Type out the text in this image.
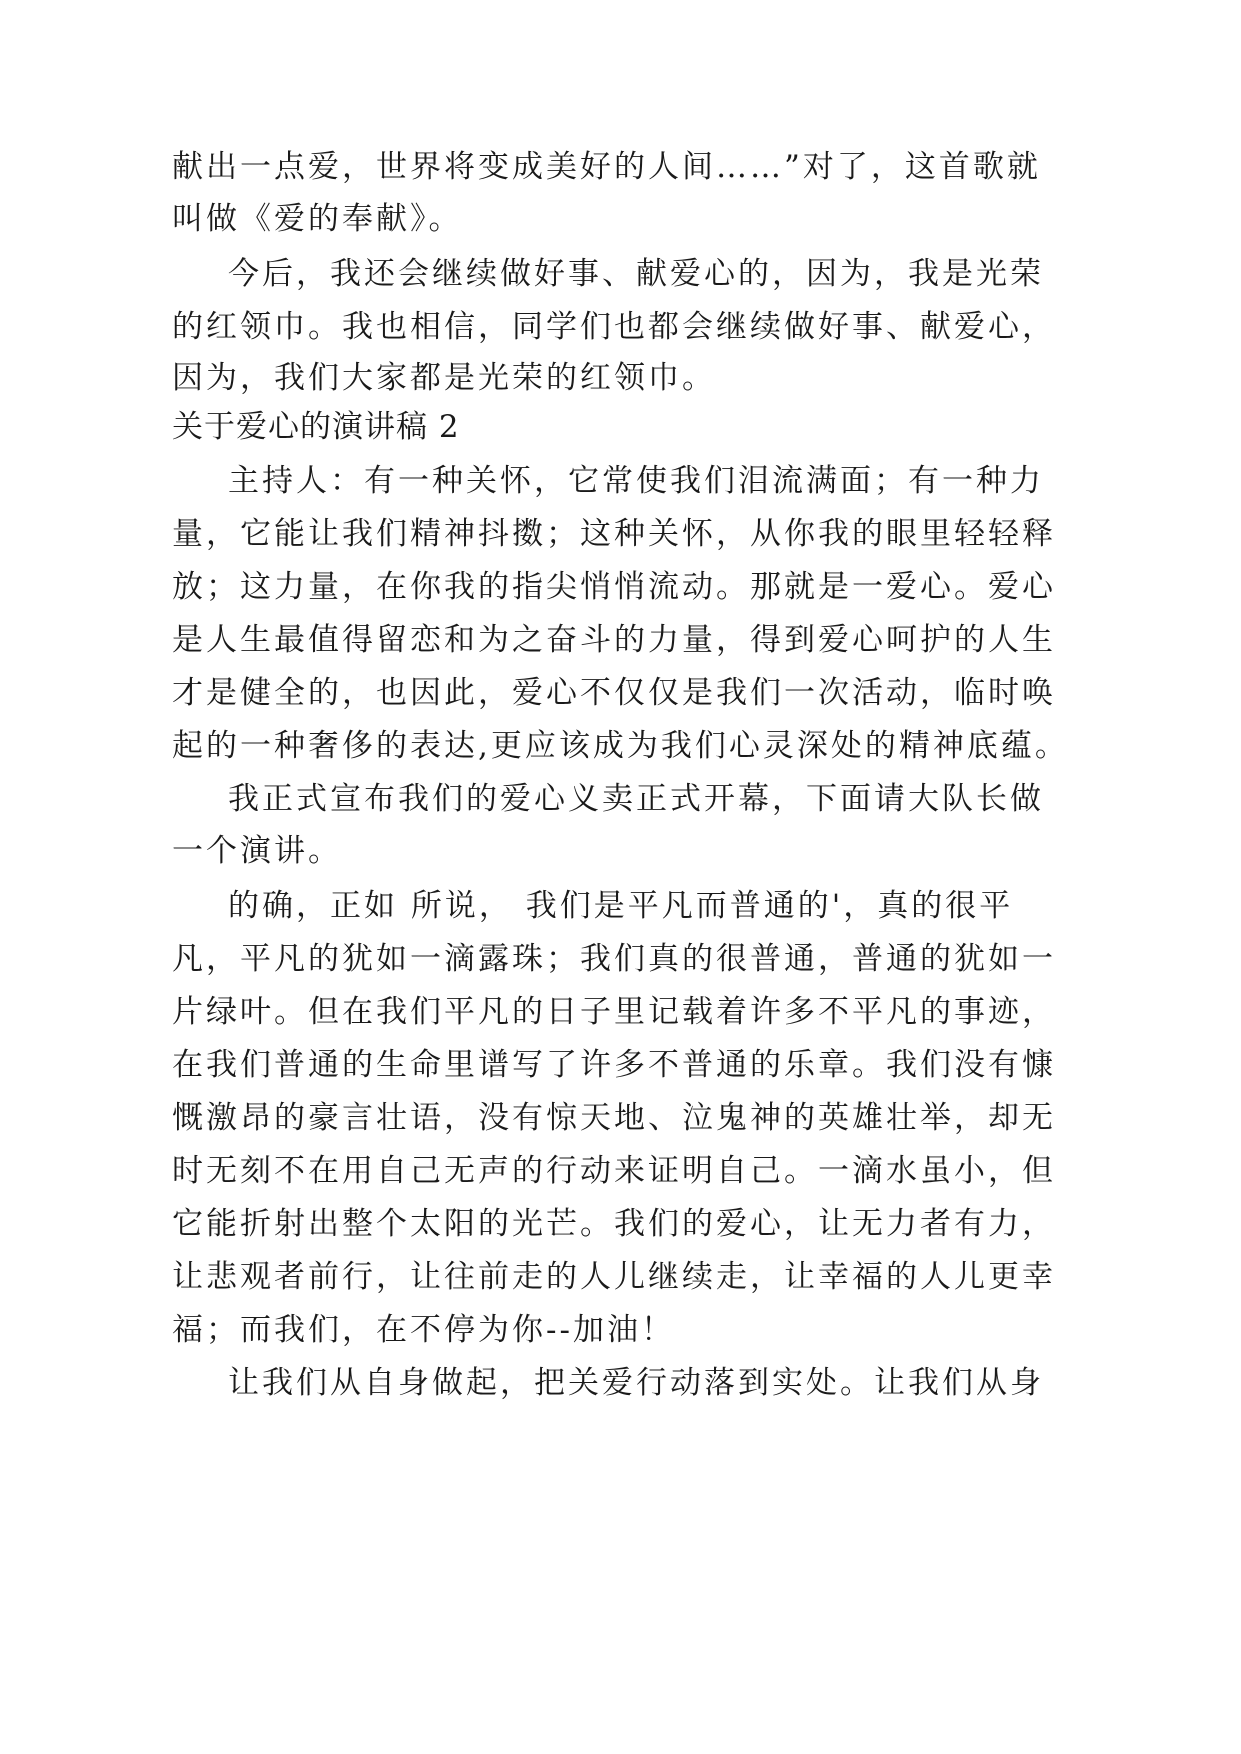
献出一点爱，世界将变成美好的人间……”对了，这首歌就
叫做《爱的奉献》。
今后，我还会继续做好事、献爱心的，因为，我是光荣
的红领巾。我也相信，同学们也都会继续做好事、献爱心，
因为，我们大家都是光荣的红领巾。
关于爱心的演讲稿 2
主持人：有一种关怀，它常使我们泪流满面；有一种力
量，它能让我们精神抖擞；这种关怀，从你我的眼里轻轻释
放；这力量，在你我的指尖悄悄流动。那就是一爱心。爱心
是人生最值得留恋和为之奋斗的力量，得到爱心呵护的人生
才是健全的，也因此，爱心不仅仅是我们一次活动，临时唤
起的一种奢侈的表达,更应该成为我们心灵深处的精神底蕴。
我正式宣布我们的爱心义卖正式开幕，下面请大队长做
一个演讲。
的确，正如 所说， 我们是平凡而普通的'，真的很平
凡，平凡的犹如一滴露珠；我们真的很普通，普通的犹如一
片绿叶。但在我们平凡的日子里记载着许多不平凡的事迹，
在我们普通的生命里谱写了许多不普通的乐章。我们没有慷
慨激昂的豪言壮语，没有惊天地、泣鬼神的英雄壮举，却无
时无刻不在用自己无声的行动来证明自己。一滴水虽小，但
它能折射出整个太阳的光芒。我们的爱心，让无力者有力，
让悲观者前行，让往前走的人儿继续走，让幸福的人儿更幸
福；而我们，在不停为你--加油！
让我们从自身做起，把关爱行动落到实处。让我们从身
